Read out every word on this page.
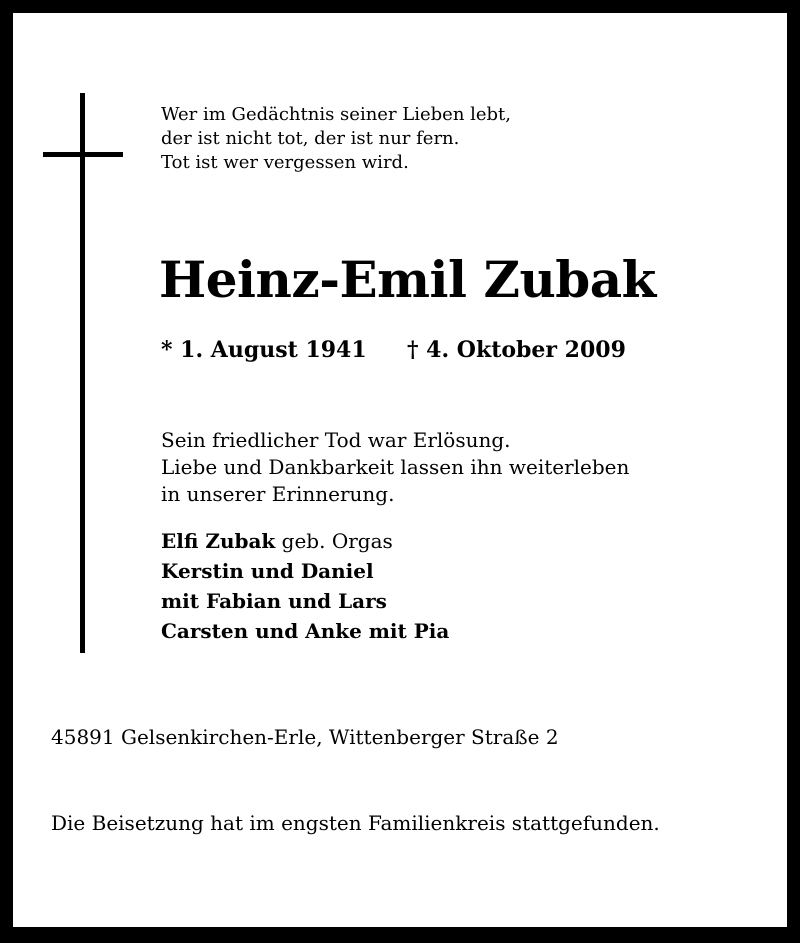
Wer im Gedächtnis seiner Lieben lebt,
der ist nicht tot, der ist nur fern.
Tot ist wer vergessen wird.
Heinz-Emil Zubak
* 1. August 1941 † 4. Oktober 2009
Sein friedlicher Tod war Erlösung.
Liebe und Dankbarkeit lassen ihn weiterleben
in unserer Erinnerung.
Elfi Zubak geb. Orgas
Kerstin und Daniel
mit Fabian und Lars
Carsten und Anke mit Pia
45891 Gelsenkirchen-Erle, Wittenberger Straße 2
Die Beisetzung hat im engsten Familienkreis stattgefunden.
